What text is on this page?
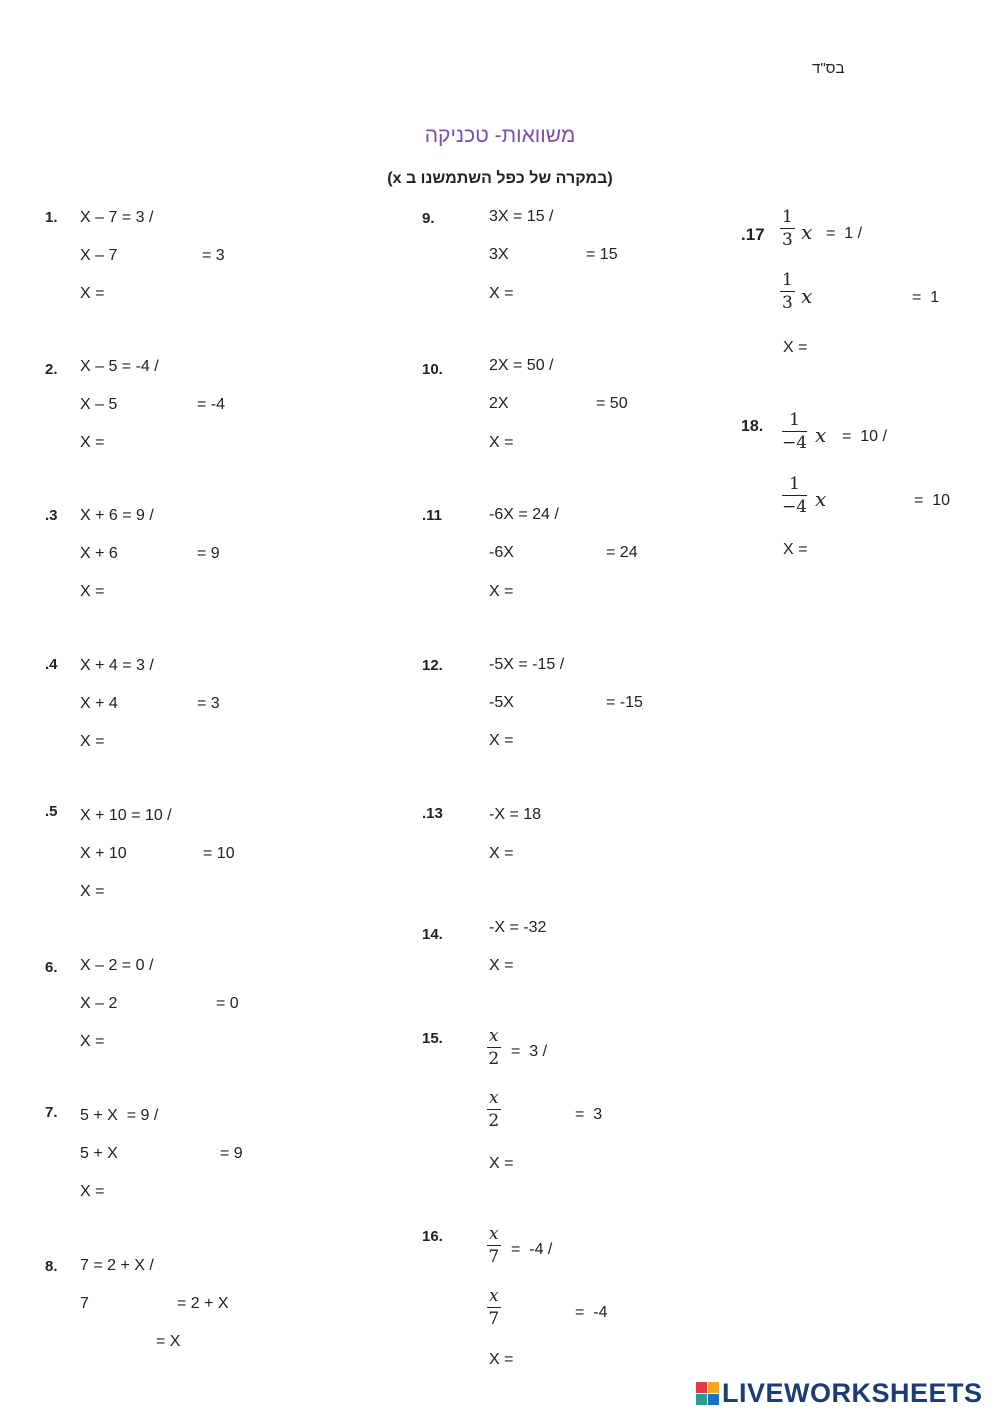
בס"ד
משוואות- טכניקה
(במקרה של כפל השתמשנו ב x)
1. X – 7 = 3 /
X – 7	= 3
X =
2. X – 5 = -4 /
X – 5	= -4
X =
.3 X + 6 = 9 /
X + 6	= 9
X =
.4 X + 4 = 3 /
X + 4	= 3
X =
.5 X + 10 = 10 /
X + 10	= 10
X =
6. X – 2 = 0 /
X – 2	= 0
X =
7. 5 + X  = 9 /
5 + X	= 9
X =
8. 7 = 2 + X /
7	= 2 + X
= X
9.	3X = 15 /
3X	= 15
X =
10.	2X = 50 /
2X	= 50
X =
.11	-6X = 24 /
-6X	= 24
X =
12.	-5X = -15 /
-5X	= -15
X =
.13	-X = 18
X =
14.	-X = -32
X =
15.	x
2 =  3 /
x
2	=  3
X =
16.	x
7 =  -4 /
x
7	=  -4
X =
.17
1
3 x =  1 /
1
3 x	=  1
X =
18. 1
−4 x =  10 /
1
−4 x	=  10
X =
LIVEWORKSHEETS
